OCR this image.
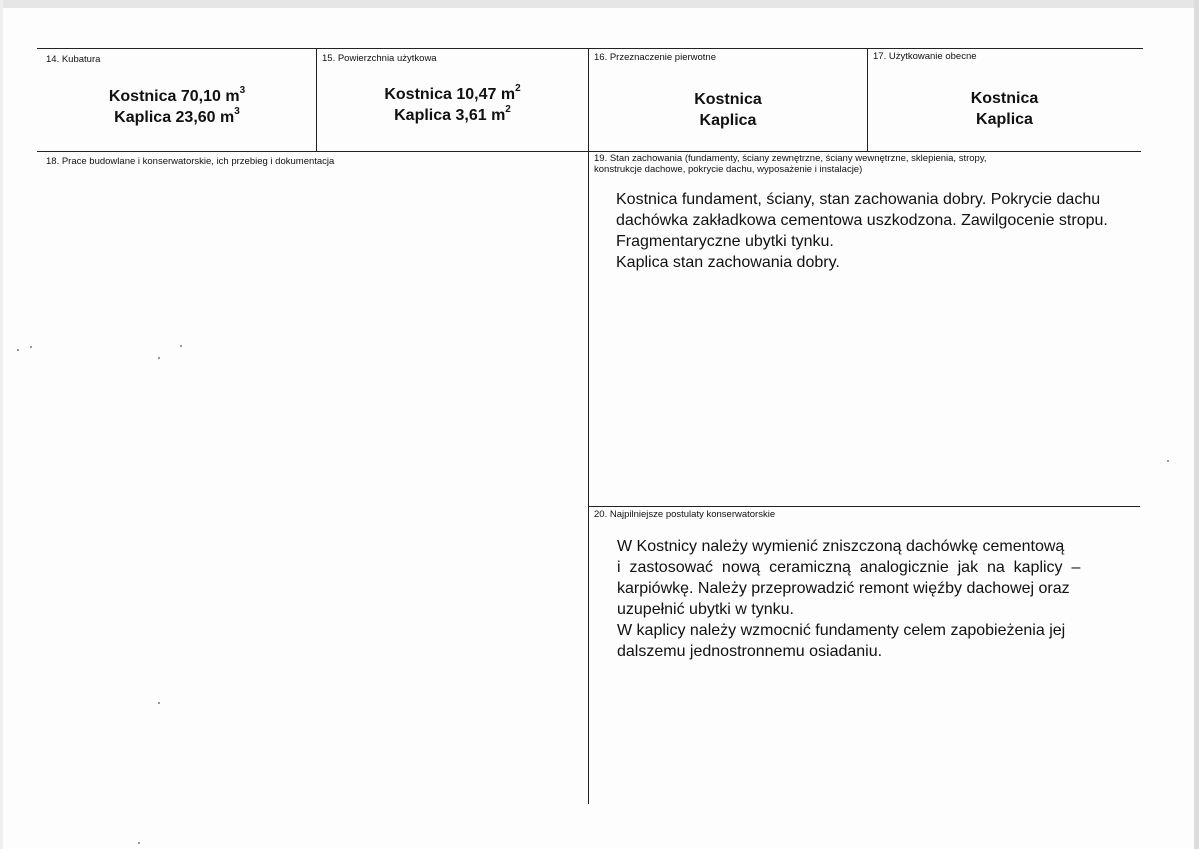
14. Kubatura
Kostnica 70,10 $m^3$
Kaplica 23,60 $m^3$
15. Powierzchnia użytkowa
Kostnica 10,47 $m^2$
Kaplica 3,61 $m^2$
16. Przeznaczenie pierwotne
Kostnica
Kaplica
17. Użytkowanie obecne
Kostnica
Kaplica
18. Prace budowlane i konserwatorskie, ich przebieg i dokumentacja	19. Stan zachowania (fundamenty, ściany zewnętrzne, ściany wewnętrzne, sklepienia, stropy,
konstrukcje dachowe, pokrycie dachu, wyposażenie i instalacje)

Kostnica fundament, ściany, stan zachowania dobry. Pokrycie dachu

dachówka zakładkowa cementowa uszkodzona. Zawilgocenie stropu.

Fragmentaryczne ubytki tynku.

Kaplica stan zachowania dobry.

20. Najpilniejsze postulaty konserwatorskie

W Kostnicy należy wymienić zniszczoną dachówkę cementową

i  zastosować  nową  ceramiczną  analogicznie  jak  na  kaplicy  –

karpiówkę. Należy przeprowadzić remont więźby dachowej oraz

uzupełnić ubytki w tynku.

W kaplicy należy wzmocnić fundamenty celem zapobieżenia jej

dalszemu jednostronnemu osiadaniu.
